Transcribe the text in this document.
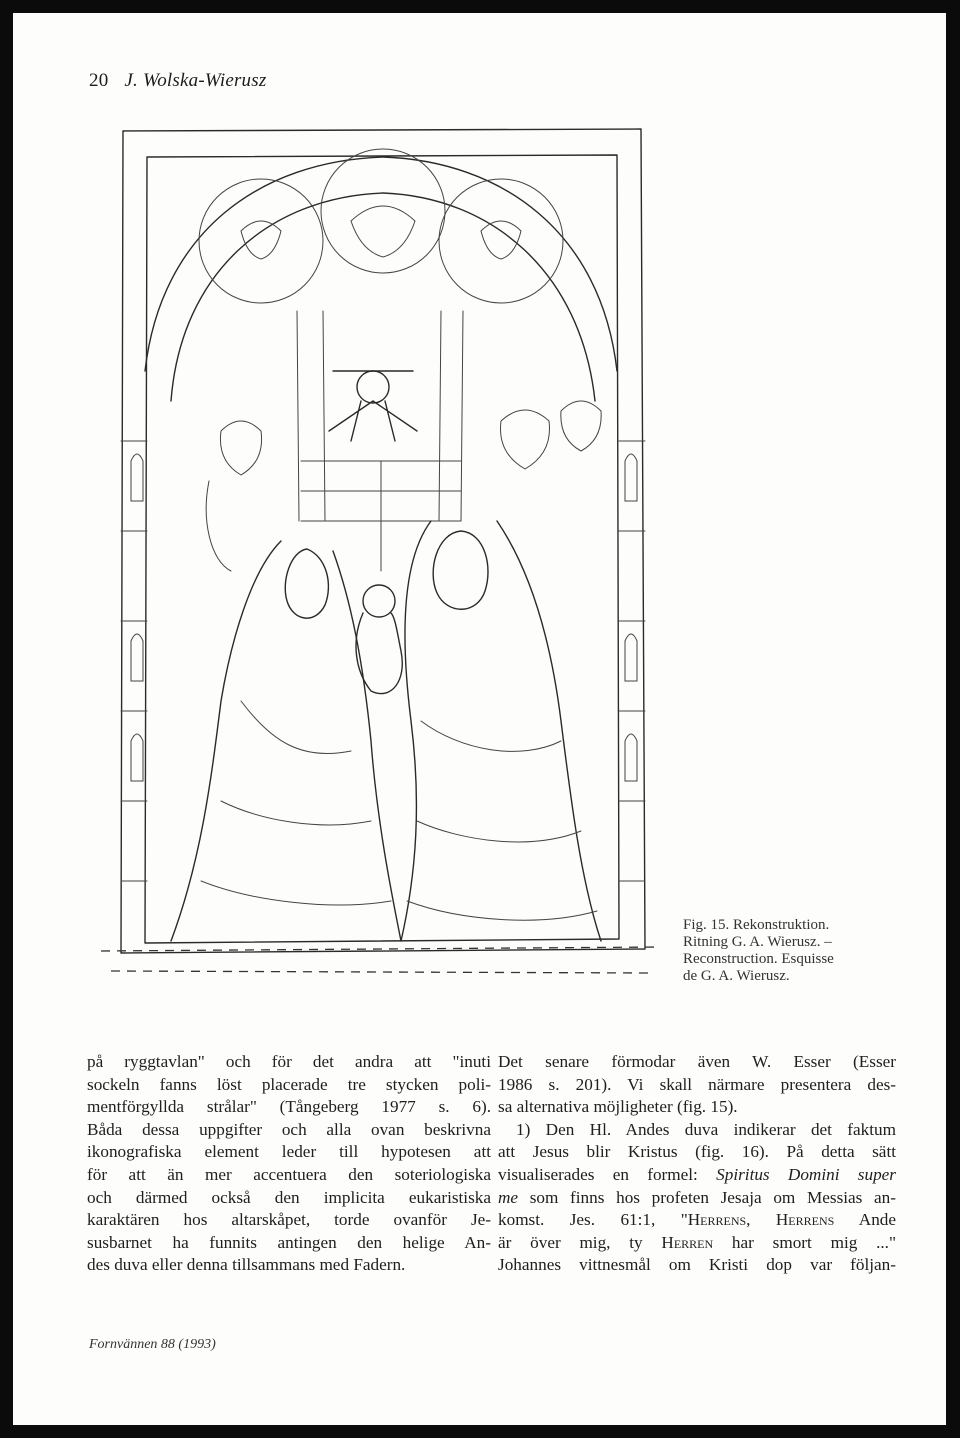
20 J. Wolska-Wierusz
Fig. 15. Rekonstruktion.
Ritning G. A. Wierusz. –
Reconstruction. Esquisse
de G. A. Wierusz.
på ryggtavlan" och för det andra att "inuti
sockeln fanns löst placerade tre stycken poli-
mentförgyllda strålar" (Tångeberg 1977 s. 6).
Båda dessa uppgifter och alla ovan beskrivna
ikonografiska element leder till hypotesen att
för att än mer accentuera den soteriologiska
och därmed också den implicita eukaristiska
karaktären hos altarskåpet, torde ovanför Je-
susbarnet ha funnits antingen den helige An-
des duva eller denna tillsammans med Fadern.
Det senare förmodar även W. Esser (Esser
1986 s. 201). Vi skall närmare presentera des-
sa alternativa möjligheter (fig. 15).
1) Den Hl. Andes duva indikerar det faktum
att Jesus blir Kristus (fig. 16). På detta sätt
visualiserades en formel: Spiritus Domini super
me som finns hos profeten Jesaja om Messias an-
komst. Jes. 61:1, "Herrens, Herrens Ande
är över mig, ty Herren har smort mig ..."
Johannes vittnesmål om Kristi dop var följan-
Fornvännen 88 (1993)
